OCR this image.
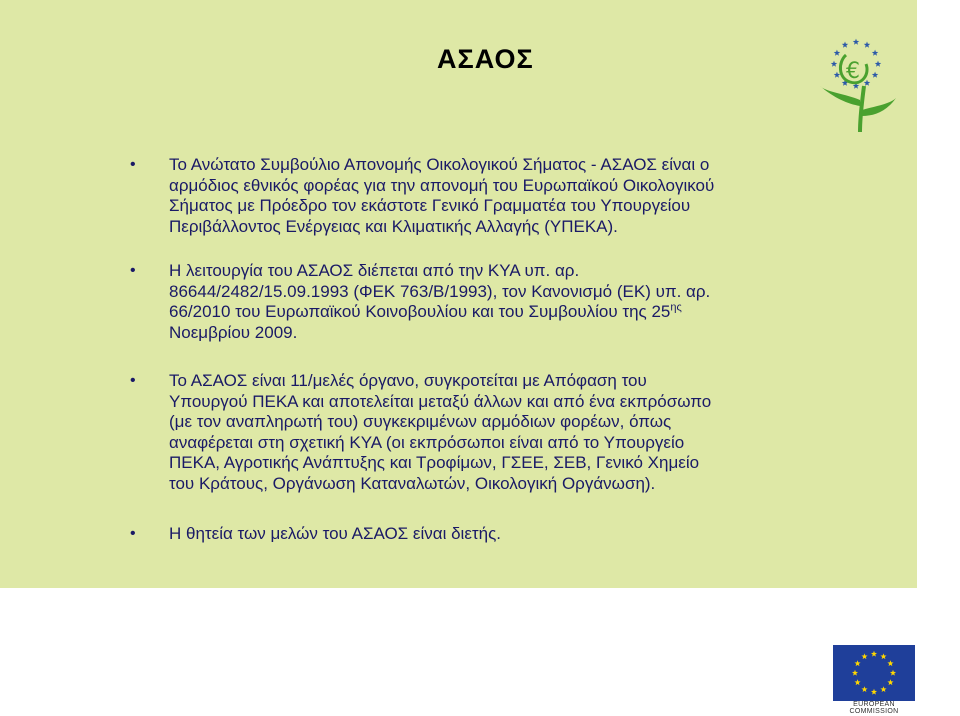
ΑΣΑΟΣ	€
• Το Ανώτατο Συμβούλιο Απονομής Οικολογικού Σήματος - ΑΣΑΟΣ είναι ο
αρμόδιος εθνικός φορέας για την απονομή του Ευρωπαϊκού Οικολογικού
Σήματος με Πρόεδρο τον εκάστοτε Γενικό Γραμματέα του Υπουργείου
Περιβάλλοντος Ενέργειας και Κλιματικής Αλλαγής (ΥΠΕΚΑ).
• Η λειτουργία του ΑΣΑΟΣ διέπεται από την ΚΥΑ υπ. αρ.
86644/2482/15.09.1993 (ΦΕΚ 763/Β/1993), τον Κανονισμό (ΕΚ) υπ. αρ.
66/2010 του Ευρωπαϊκού Κοινοβουλίου και του Συμβουλίου της $25^{\eta\varsigma}$
Νοεμβρίου 2009.
• Το ΑΣΑΟΣ είναι 11/μελές όργανο, συγκροτείται με Απόφαση του
Υπουργού ΠΕΚΑ και αποτελείται μεταξύ άλλων και από ένα εκπρόσωπο
(με τον αναπληρωτή του) συγκεκριμένων αρμόδιων φορέων, όπως
αναφέρεται στη σχετική ΚΥΑ (οι εκπρόσωποι είναι από το Υπουργείο
ΠΕΚΑ, Αγροτικής Ανάπτυξης και Τροφίμων, ΓΣΕΕ, ΣΕΒ, Γενικό Χημείο
του Κράτους, Οργάνωση Καταναλωτών, Οικολογική Οργάνωση).
• Η θητεία των μελών του ΑΣΑΟΣ είναι διετής.
EUROPEAN COMMISSION
